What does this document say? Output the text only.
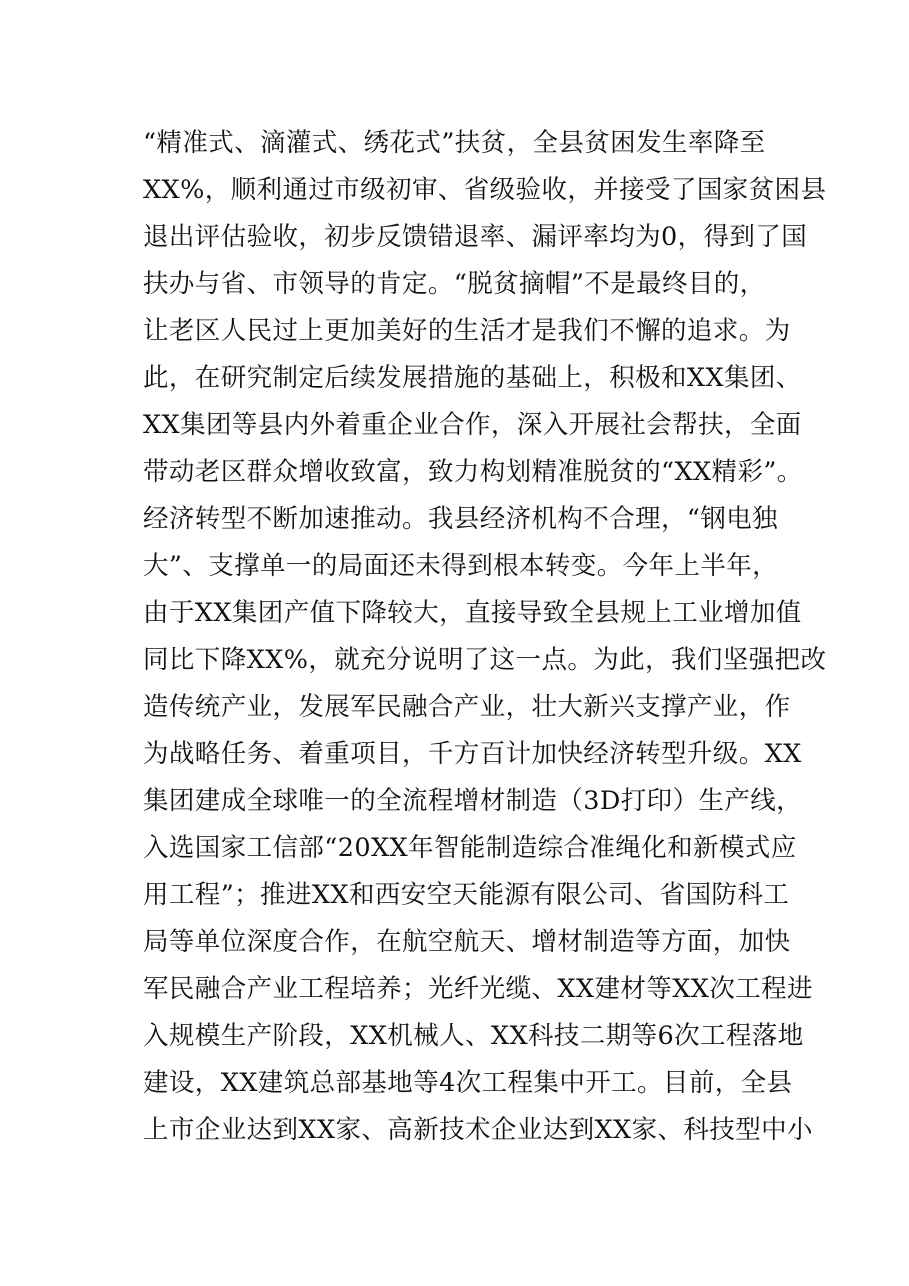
“精准式、滴灌式、绣花式”扶贫，全县贫困发生率降至
XX%，顺利通过市级初审、省级验收，并接受了国家贫困县
退出评估验收，初步反馈错退率、漏评率均为0，得到了国
扶办与省、市领导的肯定。“脱贫摘帽”不是最终目的，
让老区人民过上更加美好的生活才是我们不懈的追求。为
此，在研究制定后续发展措施的基础上，积极和XX集团、
XX集团等县内外着重企业合作，深入开展社会帮扶，全面
带动老区群众增收致富，致力构划精准脱贫的“XX精彩”。
经济转型不断加速推动。我县经济机构不合理，“钢电独
大”、支撑单一的局面还未得到根本转变。今年上半年，
由于XX集团产值下降较大，直接导致全县规上工业增加值
同比下降XX%，就充分说明了这一点。为此，我们坚强把改
造传统产业，发展军民融合产业，壮大新兴支撑产业，作
为战略任务、着重项目，千方百计加快经济转型升级。XX
集团建成全球唯一的全流程增材制造（3D打印）生产线，
入选国家工信部“20XX年智能制造综合准绳化和新模式应
用工程”；推进XX和西安空天能源有限公司、省国防科工
局等单位深度合作，在航空航天、增材制造等方面，加快
军民融合产业工程培养；光纤光缆、XX建材等XX次工程进
入规模生产阶段，XX机械人、XX科技二期等6次工程落地
建设，XX建筑总部基地等4次工程集中开工。目前，全县
上市企业达到XX家、高新技术企业达到XX家、科技型中小
